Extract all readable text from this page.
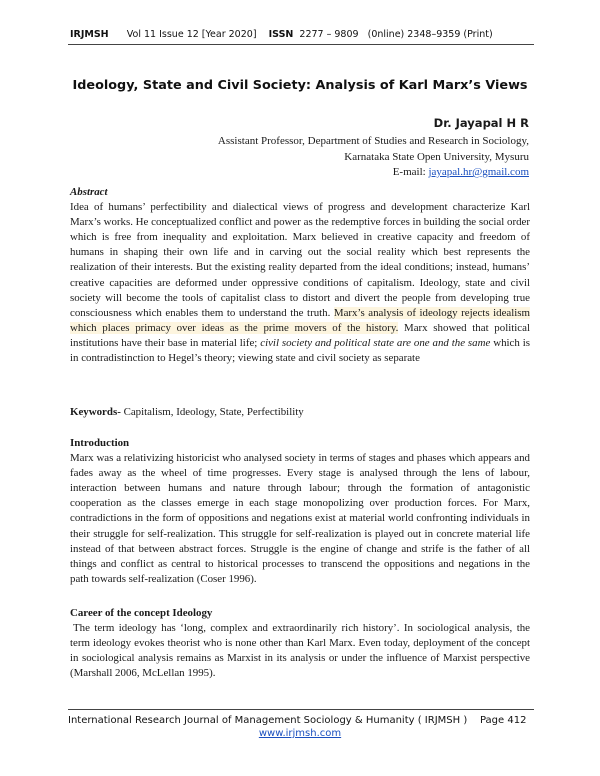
IRJMSH Vol 11 Issue 12 [Year 2020] ISSN 2277 – 9809   (0nline) 2348–9359 (Print)
Ideology, State and Civil Society: Analysis of Karl Marx’s Views
Dr. Jayapal H R
Assistant Professor, Department of Studies and Research in Sociology,
Karnataka State Open University, Mysuru
E-mail: jayapal.hr@gmail.com
Abstract
Idea of humans’ perfectibility and dialectical views of progress and development characterize Karl Marx’s works. He conceptualized conflict and power as the redemptive forces in building the social order which is free from inequality and exploitation. Marx believed in creative capacity and freedom of humans in shaping their own life and in carving out the social reality which best represents the realization of their interests. But the existing reality departed from the ideal conditions; instead, humans’ creative capacities are deformed under oppressive conditions of capitalism. Ideology, state and civil society will become the tools of capitalist class to distort and divert the people from developing true consciousness which enables them to understand the truth. Marx’s analysis of ideology rejects idealism which places primacy over ideas as the prime movers of the history. Marx showed that political institutions have their base in material life; civil society and political state are one and the same which is in contradistinction to Hegel’s theory; viewing state and civil society as separate
Keywords- Capitalism, Ideology, State, Perfectibility
Introduction
Marx was a relativizing historicist who analysed society in terms of stages and phases which appears and fades away as the wheel of time progresses. Every stage is analysed through the lens of labour, interaction between humans and nature through labour; through the formation of antagonistic cooperation as the classes emerge in each stage monopolizing over production forces. For Marx, contradictions in the form of oppositions and negations exist at material world confronting individuals in their struggle for self-realization. This struggle for self-realization is played out in concrete material life instead of that between abstract forces. Struggle is the engine of change and strife is the father of all things and conflict as central to historical processes to transcend the oppositions and negations in the path towards self-realization (Coser 1996).
Career of the concept Ideology
The term ideology has ‘long, complex and extraordinarily rich history’. In sociological analysis, the term ideology evokes theorist who is none other than Karl Marx. Even today, deployment of the concept in sociological analysis remains as Marxist in its analysis or under the influence of Marxist perspective (Marshall 2006, McLellan 1995).
International Research Journal of Management Sociology & Humanity ( IRJMSH ) Page 412
www.irjmsh.com
